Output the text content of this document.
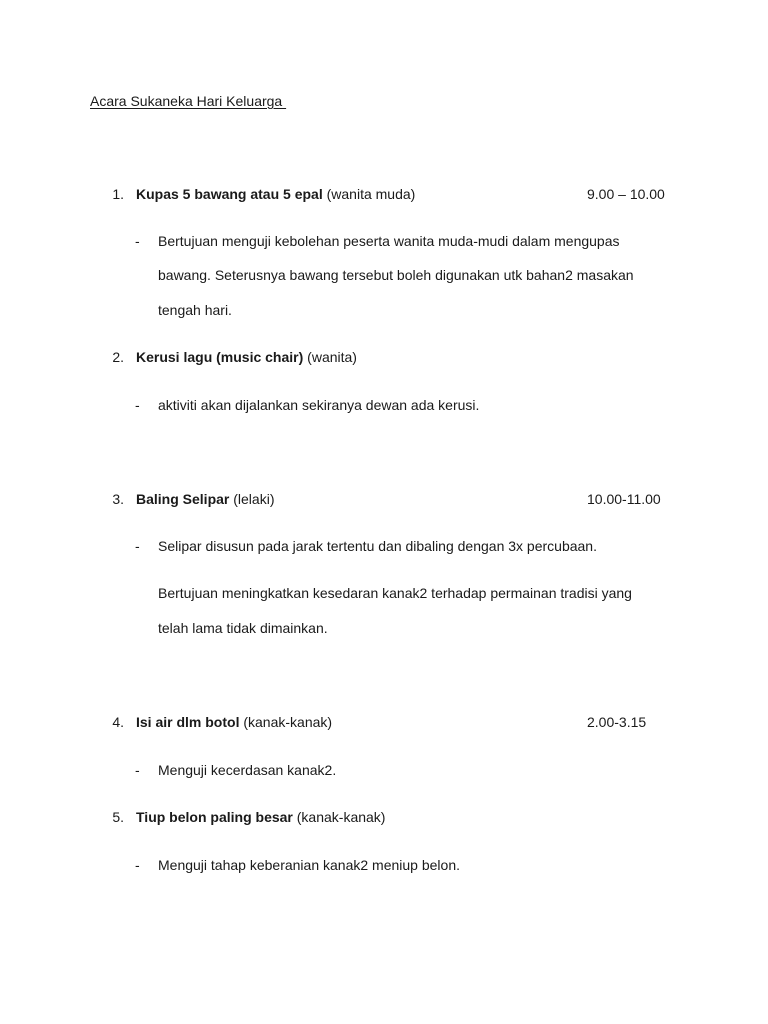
Acara Sukaneka Hari Keluarga
1. Kupas 5 bawang atau 5 epal (wanita muda)	9.00 – 10.00
- Bertujuan menguji kebolehan peserta wanita muda-mudi dalam mengupas
bawang. Seterusnya bawang tersebut boleh digunakan utk bahan2 masakan
tengah hari.
2. Kerusi lagu (music chair) (wanita)
- aktiviti akan dijalankan sekiranya dewan ada kerusi.
3. Baling Selipar (lelaki)	10.00-11.00
- Selipar disusun pada jarak tertentu dan dibaling dengan 3x percubaan.
Bertujuan meningkatkan kesedaran kanak2 terhadap permainan tradisi yang
telah lama tidak dimainkan.
4. Isi air dlm botol (kanak-kanak)	2.00-3.15
- Menguji kecerdasan kanak2.
5. Tiup belon paling besar (kanak-kanak)
- Menguji tahap keberanian kanak2 meniup belon.
